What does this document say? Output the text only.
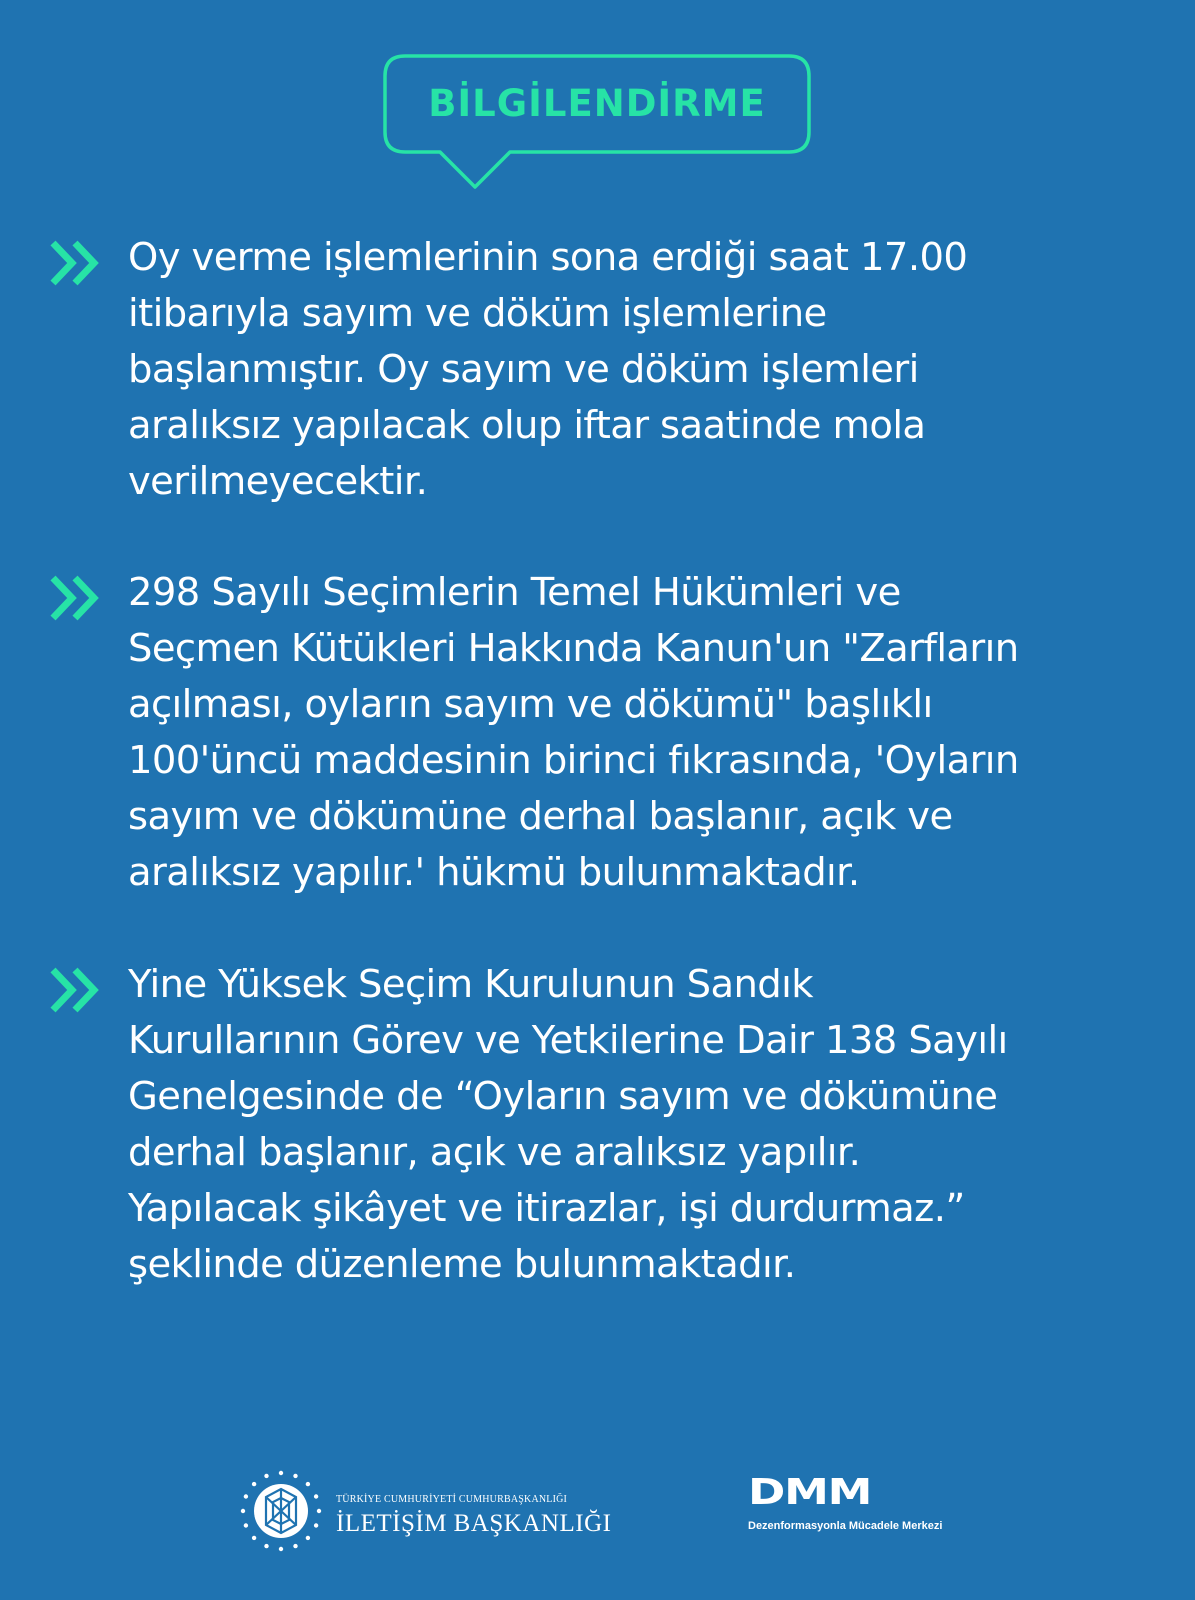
BİLGİLENDİRME

Oy verme işlemlerinin sona erdiği saat 17.00
itibarıyla sayım ve döküm işlemlerine
başlanmıştır. Oy sayım ve döküm işlemleri
aralıksız yapılacak olup iftar saatinde mola
verilmeyecektir.

298 Sayılı Seçimlerin Temel Hükümleri ve
Seçmen Kütükleri Hakkında Kanun'un "Zarfların
açılması, oyların sayım ve dökümü" başlıklı
100'üncü maddesinin birinci fıkrasında, 'Oyların
sayım ve dökümüne derhal başlanır, açık ve
aralıksız yapılır.' hükmü bulunmaktadır.

Yine Yüksek Seçim Kurulunun Sandık
Kurullarının Görev ve Yetkilerine Dair 138 Sayılı
Genelgesinde de “Oyların sayım ve dökümüne
derhal başlanır, açık ve aralıksız yapılır.
Yapılacak şikâyet ve itirazlar, işi durdurmaz.”
şeklinde düzenleme bulunmaktadır.

TÜRKİYE CUMHURİYETİ CUMHURBAŞKANLIĞI
İLETİŞİM BAŞKANLIĞI
DMM
Dezenformasyonla Mücadele Merkezi
